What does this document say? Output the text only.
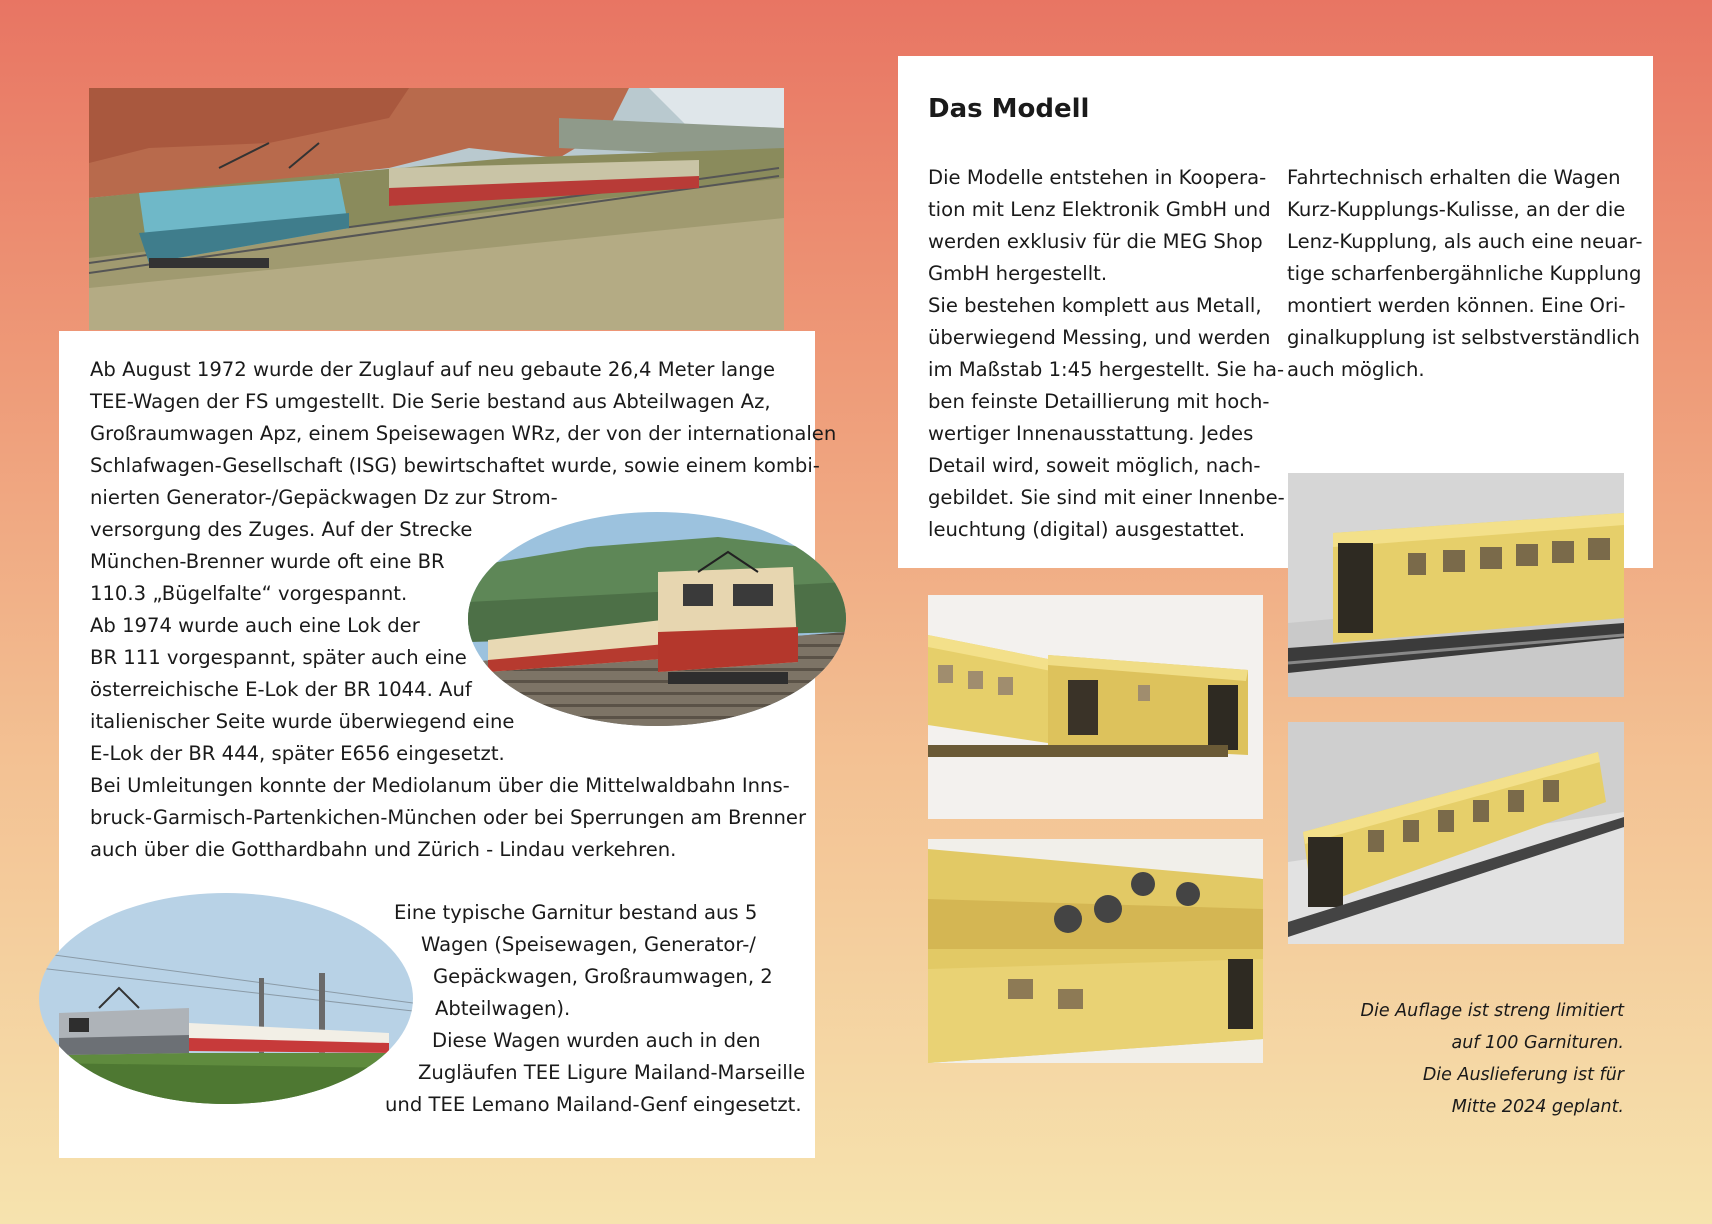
Ab August 1972 wurde der Zuglauf auf neu gebaute 26,4 Meter lange
TEE-Wagen der FS umgestellt. Die Serie bestand aus Abteilwagen Az,
Großraumwagen Apz, einem Speisewagen WRz, der von der internationalen
Schlafwagen-Gesellschaft (ISG) bewirtschaftet wurde, sowie einem kombi-
nierten Generator-/Gepäckwagen Dz zur Strom-
versorgung des Zuges. Auf der Strecke
München-Brenner wurde oft eine BR
110.3 „Bügelfalte“ vorgespannt.
Ab 1974 wurde auch eine Lok der
BR 111 vorgespannt, später auch eine
österreichische E-Lok der BR 1044. Auf
italienischer Seite wurde überwiegend eine
E-Lok der BR 444, später E656 eingesetzt.
Bei Umleitungen konnte der Mediolanum über die Mittelwaldbahn Inns-
bruck-Garmisch-Partenkichen-München oder bei Sperrungen am Brenner
auch über die Gotthardbahn und Zürich - Lindau verkehren.
Eine typische Garnitur bestand aus 5
Wagen (Speisewagen, Generator-/
Gepäckwagen, Großraumwagen, 2
Abteilwagen).
Diese Wagen wurden auch in den
Zugläufen TEE Ligure Mailand-Marseille
und TEE Lemano Mailand-Genf eingesetzt.
Das Modell
Die Modelle entstehen in Koopera-
tion mit Lenz Elektronik GmbH und
werden exklusiv für die MEG Shop
GmbH hergestellt.
Sie bestehen komplett aus Metall,
überwiegend Messing, und werden
im Maßstab 1:45 hergestellt. Sie ha-
ben feinste Detaillierung mit hoch-
wertiger Innenausstattung. Jedes
Detail wird, soweit möglich, nach-
gebildet. Sie sind mit einer Innenbe-
leuchtung (digital) ausgestattet.
Fahrtechnisch erhalten die Wagen
Kurz-Kupplungs-Kulisse, an der die
Lenz-Kupplung, als auch eine neuar-
tige scharfenbergähnliche Kupplung
montiert werden können. Eine Ori-
ginalkupplung ist selbstverständlich
auch möglich.
Die Auflage ist streng limitiert
auf 100 Garnituren.
Die Auslieferung ist für
Mitte 2024 geplant.
